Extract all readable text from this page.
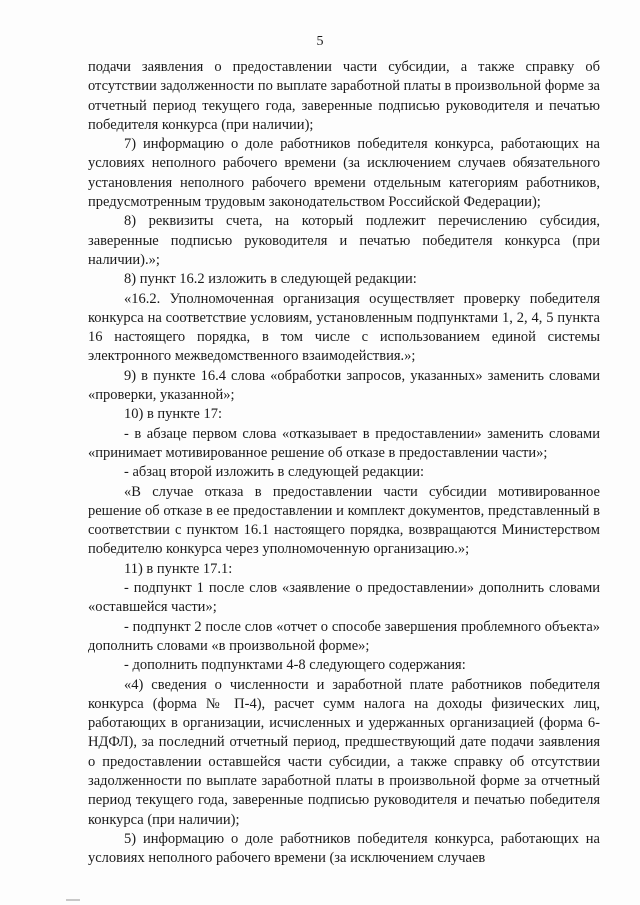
5

подачи заявления о предоставлении части субсидии, а также справку об отсутствии задолженности по выплате заработной платы в произвольной форме за отчетный период текущего года, заверенные подписью руководителя и печатью победителя конкурса (при наличии);

7) информацию о доле работников победителя конкурса, работающих на условиях неполного рабочего времени (за исключением случаев обязательного установления неполного рабочего времени отдельным категориям работников, предусмотренным трудовым законодательством Российской Федерации);

8) реквизиты счета, на который подлежит перечислению субсидия, заверенные подписью руководителя и печатью победителя конкурса (при наличии).»;

8) пункт 16.2 изложить в следующей редакции:

«16.2. Уполномоченная организация осуществляет проверку победителя конкурса на соответствие условиям, установленным подпунктами 1, 2, 4, 5 пункта 16 настоящего порядка, в том числе с использованием единой системы электронного межведомственного взаимодействия.»;

9) в пункте 16.4 слова «обработки запросов, указанных» заменить словами «проверки, указанной»;

10) в пункте 17:

- в абзаце первом слова «отказывает в предоставлении» заменить словами «принимает мотивированное решение об отказе в предоставлении части»;

- абзац второй изложить в следующей редакции:

«В случае отказа в предоставлении части субсидии мотивированное решение об отказе в ее предоставлении и комплект документов, представленный в соответствии с пунктом 16.1 настоящего порядка, возвращаются Министерством победителю конкурса через уполномоченную организацию.»;

11) в пункте 17.1:

- подпункт 1 после слов «заявление о предоставлении» дополнить словами «оставшейся части»;

- подпункт 2 после слов «отчет о способе завершения проблемного объекта» дополнить словами «в произвольной форме»;

- дополнить подпунктами 4-8 следующего содержания:

«4) сведения о численности и заработной плате работников победителя конкурса (форма № П-4), расчет сумм налога на доходы физических лиц, работающих в организации, исчисленных и удержанных организацией (форма 6-НДФЛ), за последний отчетный период, предшествующий дате подачи заявления о предоставлении оставшейся части субсидии, а также справку об отсутствии задолженности по выплате заработной платы в произвольной форме за отчетный период текущего года, заверенные подписью руководителя и печатью победителя конкурса (при наличии);

5) информацию о доле работников победителя конкурса, работающих на условиях неполного рабочего времени (за исключением случаев
